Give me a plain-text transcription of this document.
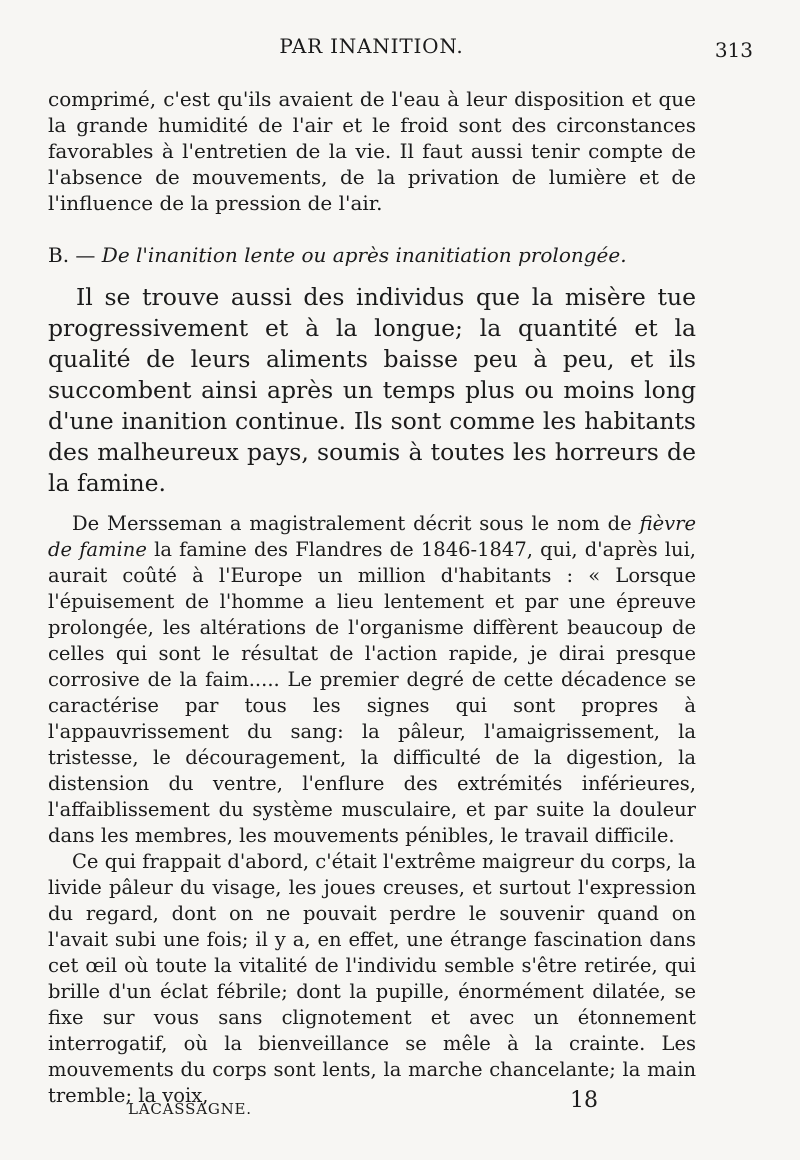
PAR INANITION.	313

comprimé, c'est qu'ils avaient de l'eau à leur disposition et que la grande humidité de l'air et le froid sont des circonstances favorables à l'entretien de la vie. Il faut aussi tenir compte de l'absence de mouvements, de la privation de lumière et de l'influence de la pression de l'air.

B. — De l'inanition lente ou après inanitiation prolongée.

Il se trouve aussi des individus que la misère tue progressivement et à la longue; la quantité et la qualité de leurs aliments baisse peu à peu, et ils succombent ainsi après un temps plus ou moins long d'une inanition continue. Ils sont comme les habitants des malheureux pays, soumis à toutes les horreurs de la famine.

De Mersseman a magistralement décrit sous le nom de fièvre de famine la famine des Flandres de 1846-1847, qui, d'après lui, aurait coûté à l'Europe un million d'habitants : « Lorsque l'épuisement de l'homme a lieu lentement et par une épreuve prolongée, les altérations de l'organisme diffèrent beaucoup de celles qui sont le résultat de l'action rapide, je dirai presque corrosive de la faim..... Le premier degré de cette décadence se caractérise par tous les signes qui sont propres à l'appauvrissement du sang: la pâleur, l'amaigrissement, la tristesse, le découragement, la difficulté de la digestion, la distension du ventre, l'enflure des extrémités inférieures, l'affaiblissement du système musculaire, et par suite la douleur dans les membres, les mouvements pénibles, le travail difficile.

Ce qui frappait d'abord, c'était l'extrême maigreur du corps, la livide pâleur du visage, les joues creuses, et surtout l'expression du regard, dont on ne pouvait perdre le souvenir quand on l'avait subi une fois; il y a, en effet, une étrange fascination dans cet œil où toute la vitalité de l'individu semble s'être retirée, qui brille d'un éclat fébrile; dont la pupille, énormément dilatée, se fixe sur vous sans clignotement et avec un étonnement interrogatif, où la bienveillance se mêle à la crainte. Les mouvements du corps sont lents, la marche chancelante; la main tremble; la voix,

LACASSAGNE.	18
